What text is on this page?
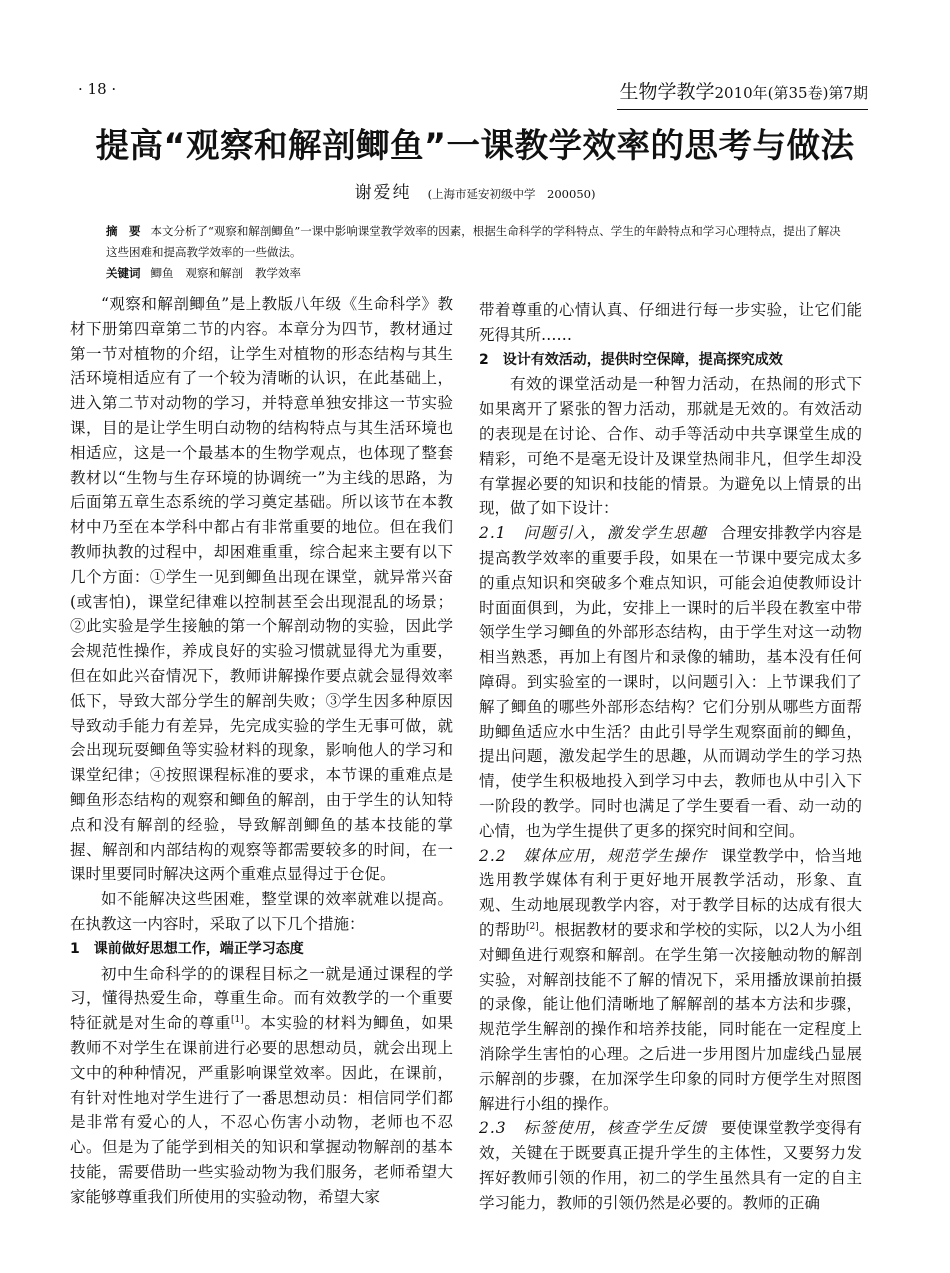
· 18 ·	生物学教学2010年(第35卷)第7期
提高“观察和解剖鲫鱼”一课教学效率的思考与做法
谢爱纯 (上海市延安初级中学　200050)

摘　要 本文分析了“观察和解剖鲫鱼”一课中影响课堂教学效率的因素，根据生命科学的学科特点、学生的年龄特点和学习心理特点，提出了解决这些困难和提高教学效率的一些做法。

关键词 鲫鱼 观察和解剖 教学效率

“观察和解剖鲫鱼”是上教版八年级《生命科学》教材下册第四章第二节的内容。本章分为四节，教材通过第一节对植物的介绍，让学生对植物的形态结构与其生活环境相适应有了一个较为清晰的认识，在此基础上，进入第二节对动物的学习，并特意单独安排这一节实验课，目的是让学生明白动物的结构特点与其生活环境也相适应，这是一个最基本的生物学观点，也体现了整套教材以“生物与生存环境的协调统一”为主线的思路，为后面第五章生态系统的学习奠定基础。所以该节在本教材中乃至在本学科中都占有非常重要的地位。但在我们教师执教的过程中，却困难重重，综合起来主要有以下几个方面：①学生一见到鲫鱼出现在课堂，就异常兴奋(或害怕)，课堂纪律难以控制甚至会出现混乱的场景；②此实验是学生接触的第一个解剖动物的实验，因此学会规范性操作，养成良好的实验习惯就显得尤为重要，但在如此兴奋情况下，教师讲解操作要点就会显得效率低下，导致大部分学生的解剖失败；③学生因多种原因导致动手能力有差异，先完成实验的学生无事可做，就会出现玩耍鲫鱼等实验材料的现象，影响他人的学习和课堂纪律；④按照课程标准的要求，本节课的重难点是鲫鱼形态结构的观察和鲫鱼的解剖，由于学生的认知特点和没有解剖的经验，导致解剖鲫鱼的基本技能的掌握、解剖和内部结构的观察等都需要较多的时间，在一课时里要同时解决这两个重难点显得过于仓促。

如不能解决这些困难，整堂课的效率就难以提高。在执教这一内容时，采取了以下几个措施：

1　课前做好思想工作，端正学习态度

初中生命科学的的课程目标之一就是通过课程的学习，懂得热爱生命，尊重生命。而有效教学的一个重要特征就是对生命的尊重[1]。本实验的材料为鲫鱼，如果教师不对学生在课前进行必要的思想动员，就会出现上文中的种种情况，严重影响课堂效率。因此，在课前，有针对性地对学生进行了一番思想动员：相信同学们都是非常有爱心的人，不忍心伤害小动物，老师也不忍心。但是为了能学到相关的知识和掌握动物解剖的基本技能，需要借助一些实验动物为我们服务，老师希望大家能够尊重我们所使用的实验动物，希望大家

带着尊重的心情认真、仔细进行每一步实验，让它们能死得其所……

2　设计有效活动，提供时空保障，提高探究成效

有效的课堂活动是一种智力活动，在热闹的形式下如果离开了紧张的智力活动，那就是无效的。有效活动的表现是在讨论、合作、动手等活动中共享课堂生成的精彩，可绝不是毫无设计及课堂热闹非凡，但学生却没有掌握必要的知识和技能的情景。为避免以上情景的出现，做了如下设计：

2.1　问题引入，激发学生思趣 合理安排教学内容是提高教学效率的重要手段，如果在一节课中要完成太多的重点知识和突破多个难点知识，可能会迫使教师设计时面面俱到，为此，安排上一课时的后半段在教室中带领学生学习鲫鱼的外部形态结构，由于学生对这一动物相当熟悉，再加上有图片和录像的辅助，基本没有任何障碍。到实验室的一课时，以问题引入：上节课我们了解了鲫鱼的哪些外部形态结构？它们分别从哪些方面帮助鲫鱼适应水中生活？由此引导学生观察面前的鲫鱼，提出问题，激发起学生的思趣，从而调动学生的学习热情，使学生积极地投入到学习中去，教师也从中引入下一阶段的教学。同时也满足了学生要看一看、动一动的心情，也为学生提供了更多的探究时间和空间。

2.2　媒体应用，规范学生操作 课堂教学中，恰当地选用教学媒体有利于更好地开展教学活动，形象、直观、生动地展现教学内容，对于教学目标的达成有很大的帮助[2]。根据教材的要求和学校的实际，以2人为小组对鲫鱼进行观察和解剖。在学生第一次接触动物的解剖实验，对解剖技能不了解的情况下，采用播放课前拍摄的录像，能让他们清晰地了解解剖的基本方法和步骤，规范学生解剖的操作和培养技能，同时能在一定程度上消除学生害怕的心理。之后进一步用图片加虚线凸显展示解剖的步骤，在加深学生印象的同时方便学生对照图解进行小组的操作。

2.3　标签使用，核查学生反馈 要使课堂教学变得有效，关键在于既要真正提升学生的主体性，又要努力发挥好教师引领的作用，初二的学生虽然具有一定的自主学习能力，教师的引领仍然是必要的。教师的正确
